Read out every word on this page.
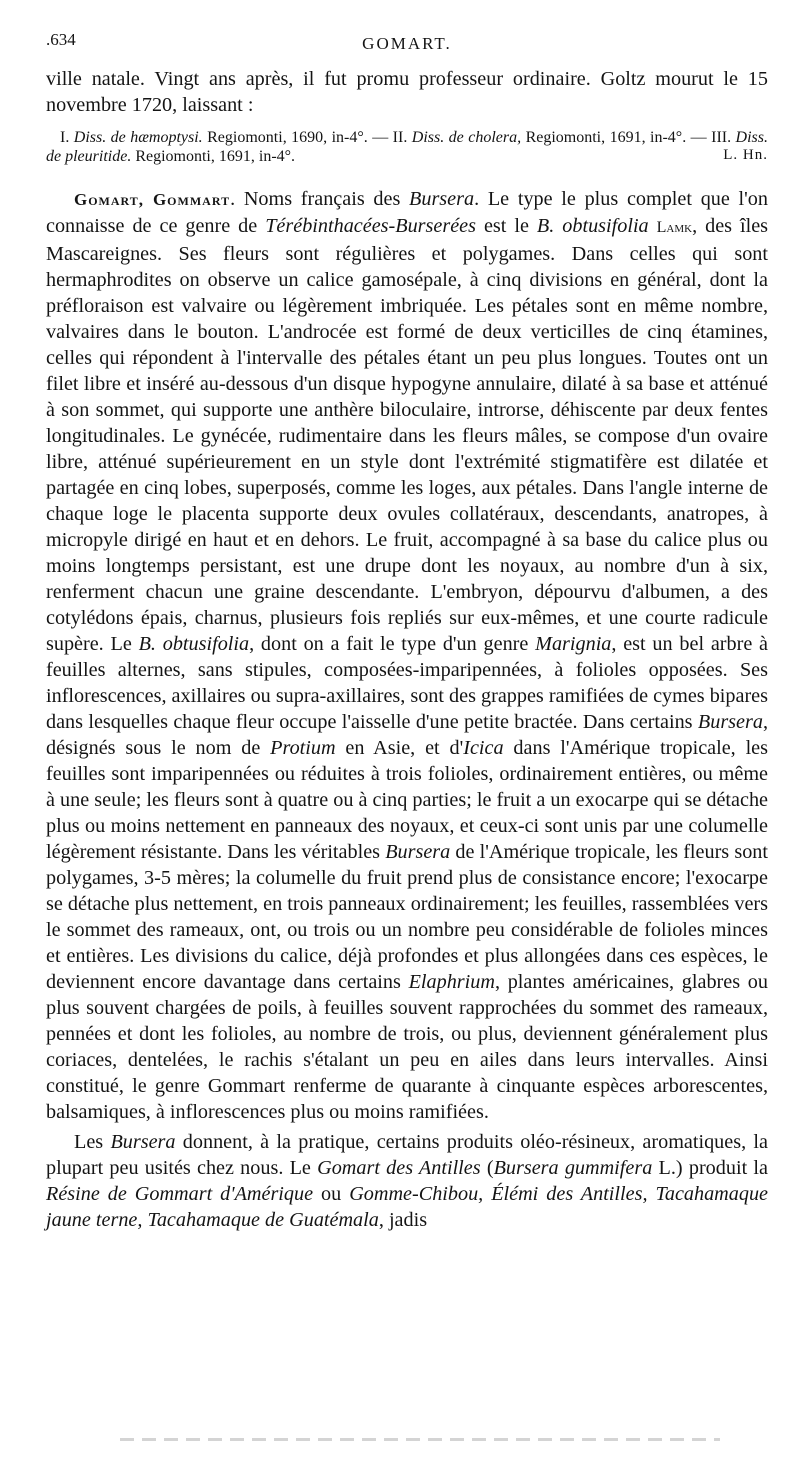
.634	GOMART.

ville natale. Vingt ans après, il fut promu professeur ordinaire. Goltz mourut le 15 novembre 1720, laissant :

I. Diss. de hæmoptysi. Regiomonti, 1690, in-4°. — II. Diss. de cholera, Regiomonti, 1691, in-4°. — III. Diss. de pleuritide. Regiomonti, 1691, in-4°.	L. Hn.

Gomart, Gommart. Noms français des Bursera. Le type le plus complet que l'on connaisse de ce genre de Térébinthacées-Burserées est le B. obtusifolia Lamk, des îles Mascareignes. Ses fleurs sont régulières et polygames. Dans celles qui sont hermaphrodites on observe un calice gamosépale, à cinq divisions en général, dont la préfloraison est valvaire ou légèrement imbriquée. Les pétales sont en même nombre, valvaires dans le bouton. L'androcée est formé de deux verticilles de cinq étamines, celles qui répondent à l'intervalle des pétales étant un peu plus longues. Toutes ont un filet libre et inséré au-dessous d'un disque hypogyne annulaire, dilaté à sa base et atténué à son sommet, qui supporte une anthère biloculaire, introrse, déhiscente par deux fentes longitudinales. Le gynécée, rudimentaire dans les fleurs mâles, se compose d'un ovaire libre, atténué supérieurement en un style dont l'extrémité stigmatifère est dilatée et partagée en cinq lobes, superposés, comme les loges, aux pétales. Dans l'angle interne de chaque loge le placenta supporte deux ovules collatéraux, descendants, anatropes, à micropyle dirigé en haut et en dehors. Le fruit, accompagné à sa base du calice plus ou moins longtemps persistant, est une drupe dont les noyaux, au nombre d'un à six, renferment chacun une graine descendante. L'embryon, dépourvu d'albumen, a des cotylédons épais, charnus, plusieurs fois repliés sur eux-mêmes, et une courte radicule supère. Le B. obtusifolia, dont on a fait le type d'un genre Marignia, est un bel arbre à feuilles alternes, sans stipules, composées-imparipennées, à folioles opposées. Ses inflorescences, axillaires ou supra-axillaires, sont des grappes ramifiées de cymes bipares dans lesquelles chaque fleur occupe l'aisselle d'une petite bractée. Dans certains Bursera, désignés sous le nom de Protium en Asie, et d'Icica dans l'Amérique tropicale, les feuilles sont imparipennées ou réduites à trois folioles, ordinairement entières, ou même à une seule; les fleurs sont à quatre ou à cinq parties; le fruit a un exocarpe qui se détache plus ou moins nettement en panneaux des noyaux, et ceux-ci sont unis par une columelle légèrement résistante. Dans les véritables Bursera de l'Amérique tropicale, les fleurs sont polygames, 3-5 mères; la columelle du fruit prend plus de consistance encore; l'exocarpe se détache plus nettement, en trois panneaux ordinairement; les feuilles, rassemblées vers le sommet des rameaux, ont, ou trois ou un nombre peu considérable de folioles minces et entières. Les divisions du calice, déjà profondes et plus allongées dans ces espèces, le deviennent encore davantage dans certains Elaphrium, plantes américaines, glabres ou plus souvent chargées de poils, à feuilles souvent rapprochées du sommet des rameaux, pennées et dont les folioles, au nombre de trois, ou plus, deviennent généralement plus coriaces, dentelées, le rachis s'étalant un peu en ailes dans leurs intervalles. Ainsi constitué, le genre Gommart renferme de quarante à cinquante espèces arborescentes, balsamiques, à inflorescences plus ou moins ramifiées.

Les Bursera donnent, à la pratique, certains produits oléo-résineux, aromatiques, la plupart peu usités chez nous. Le Gomart des Antilles (Bursera gummifera L.) produit la Résine de Gommart d'Amérique ou Gomme-Chibou, Élémi des Antilles, Tacahamaque jaune terne, Tacahamaque de Guatémala, jadis
